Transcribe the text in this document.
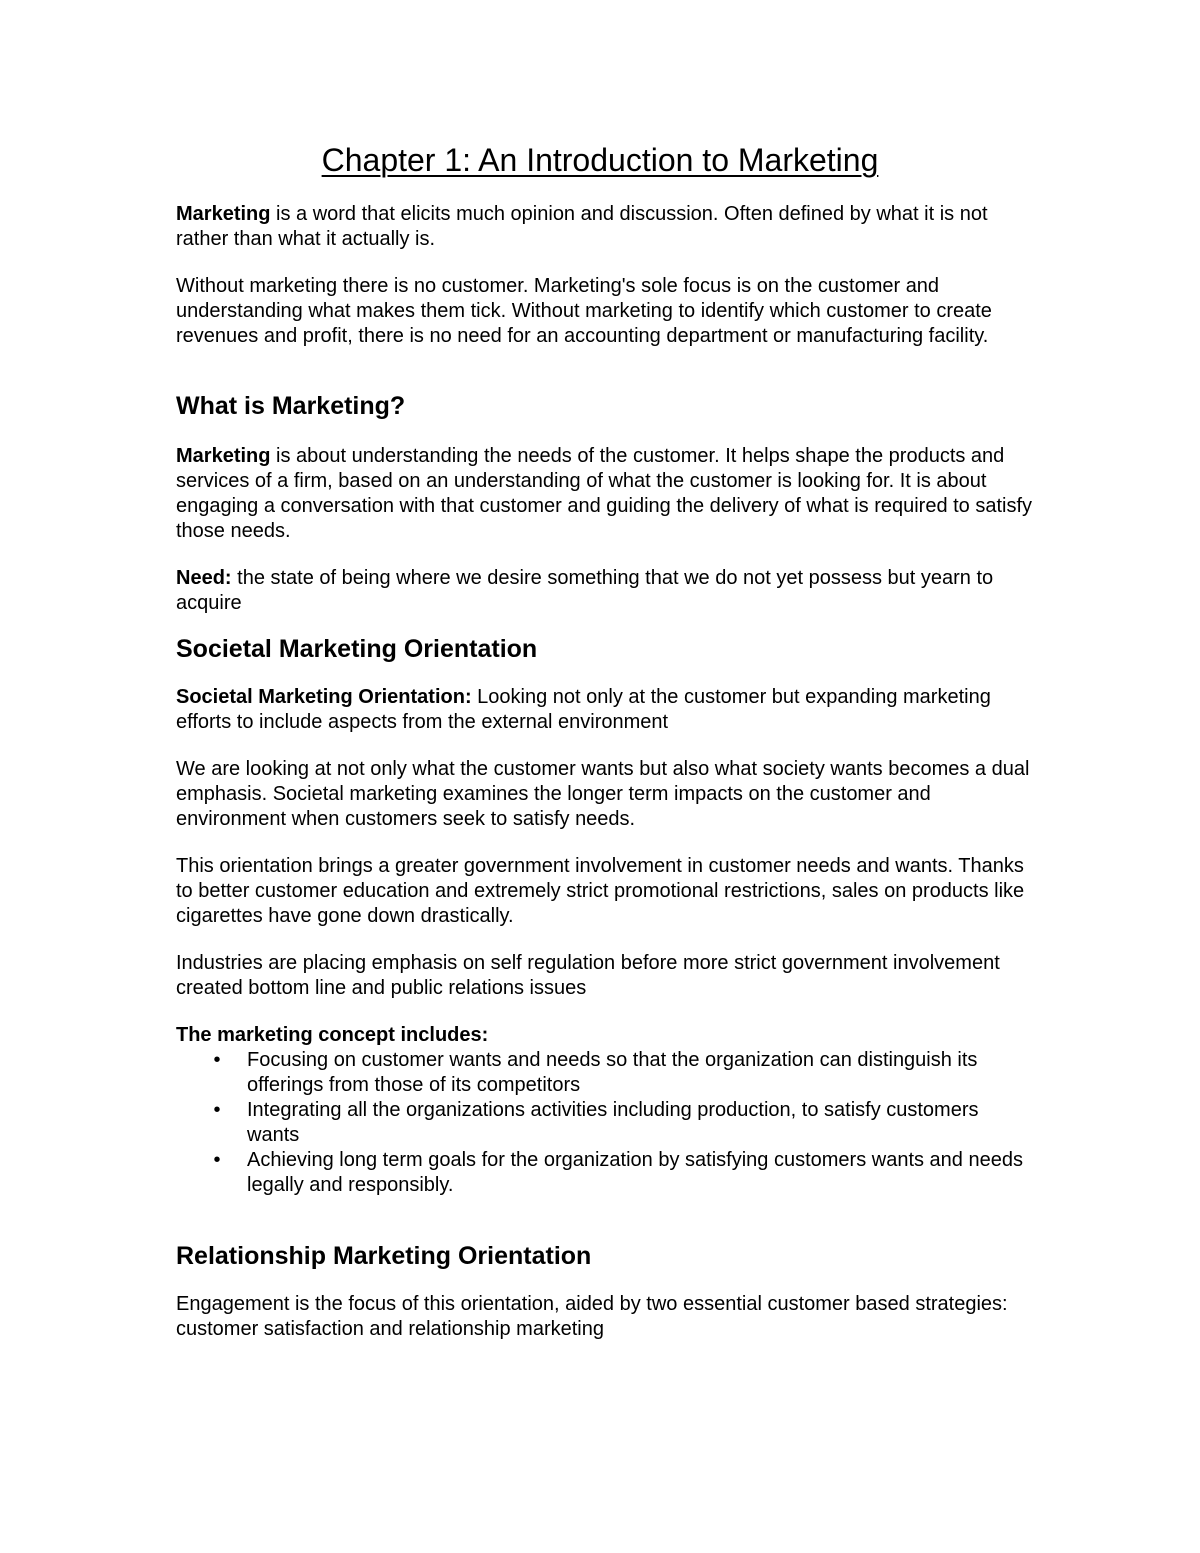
Chapter 1: An Introduction to Marketing

Marketing is a word that elicits much opinion and discussion. Often defined by what it is not rather than what it actually is.

Without marketing there is no customer. Marketing's sole focus is on the customer and understanding what makes them tick. Without marketing to identify which customer to create revenues and profit, there is no need for an accounting department or manufacturing facility.

What is Marketing?

Marketing is about understanding the needs of the customer. It helps shape the products and services of a firm, based on an understanding of what the customer is looking for. It is about engaging a conversation with that customer and guiding the delivery of what is required to satisfy those needs.

Need: the state of being where we desire something that we do not yet possess but yearn to acquire

Societal Marketing Orientation

Societal Marketing Orientation: Looking not only at the customer but expanding marketing efforts to include aspects from the external environment

We are looking at not only what the customer wants but also what society wants becomes a dual emphasis. Societal marketing examines the longer term impacts on the customer and environment when customers seek to satisfy needs.

This orientation brings a greater government involvement in customer needs and wants. Thanks to better customer education and extremely strict promotional restrictions, sales on products like cigarettes have gone down drastically.

Industries are placing emphasis on self regulation before more strict government involvement created bottom line and public relations issues

The marketing concept includes:

• Focusing on customer wants and needs so that the organization can distinguish its offerings from those of its competitors
• Integrating all the organizations activities including production, to satisfy customers wants
• Achieving long term goals for the organization by satisfying customers wants and needs legally and responsibly.
Relationship Marketing Orientation

Engagement is the focus of this orientation, aided by two essential customer based strategies: customer satisfaction and relationship marketing
